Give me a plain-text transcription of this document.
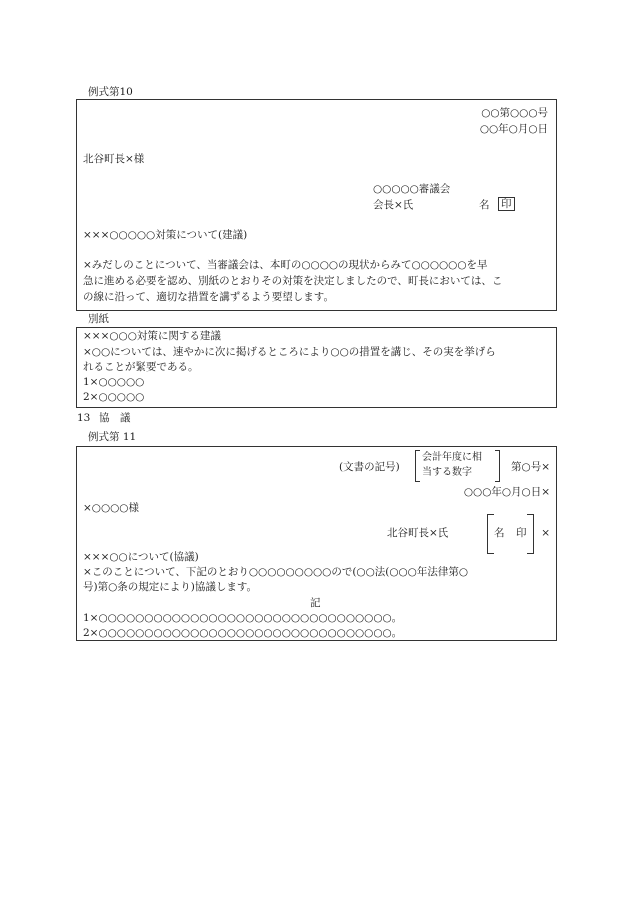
例式第10
○○第○○○号
○○年○月○日
北谷町長×様
○○○○○審議会
会長×氏	名 印
×××○○○○○対策について(建議)
×みだしのことについて、当審議会は、本町の○○○○の現状からみて○○○○○○を早
急に進める必要を認め、別紙のとおりその対策を決定しましたので、町長においては、こ
の線に沿って、適切な措置を講ずるよう要望します。
別紙
×××○○○対策に関する建議
×○○については、速やかに次に掲げるところにより○○の措置を講じ、その実を挙げら
れることが緊要である。
1×○○○○○
2×○○○○○
13 協　議
例式第 11
(文書の記号)
会計年度に相
当する数字	第○号×
○○○年○月○日×
×○○○○様
北谷町長×氏	名 印 ×
×××○○について(協議)
×このことについて、下記のとおり○○○○○○○○○ので(○○法(○○○年法律第○
号)第○条の規定により)協議します。
記
1×○○○○○○○○○○○○○○○○○○○○○○○○○○○○○○○○。
2×○○○○○○○○○○○○○○○○○○○○○○○○○○○○○○○○。
